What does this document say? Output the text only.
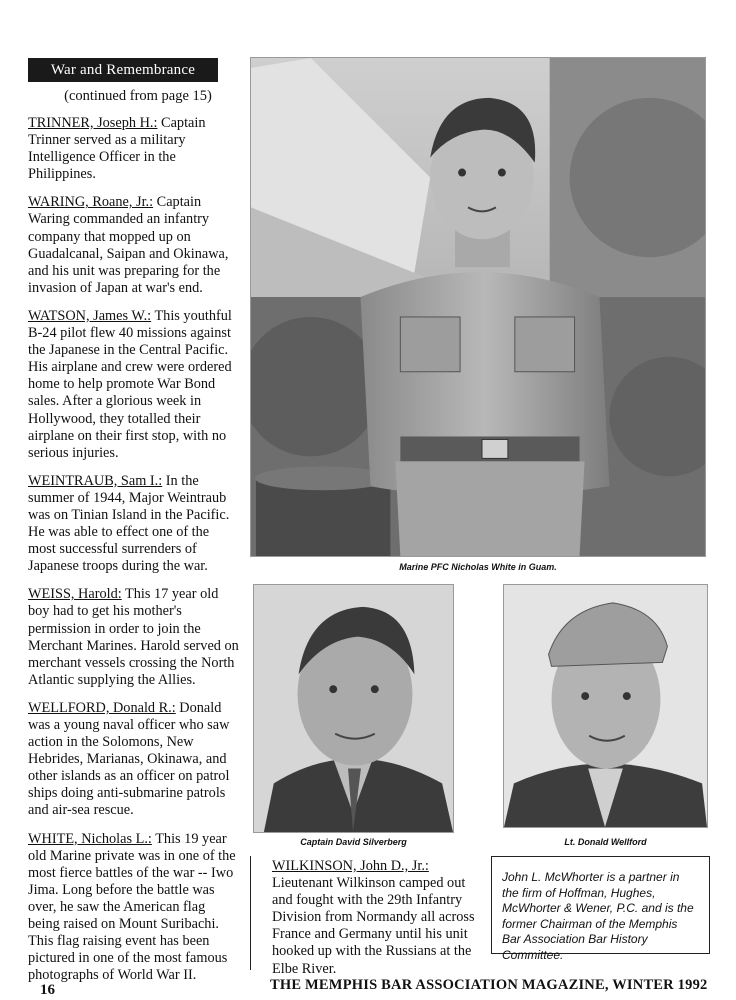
War and Remembrance
(continued from page 15)

TRINNER, Joseph H.: Captain Trinner served as a military Intelligence Officer in the Philippines.

WARING, Roane, Jr.: Captain Waring commanded an infantry company that mopped up on Guadalcanal, Saipan and Okinawa, and his unit was preparing for the invasion of Japan at war's end.

WATSON, James W.: This youthful B-24 pilot flew 40 missions against the Japanese in the Central Pacific. His airplane and crew were ordered home to help promote War Bond sales. After a glorious week in Hollywood, they totalled their airplane on their first stop, with no serious injuries.

WEINTRAUB, Sam I.: In the summer of 1944, Major Weintraub was on Tinian Island in the Pacific. He was able to effect one of the most successful surrenders of Japanese troops during the war.

WEISS, Harold: This 17 year old boy had to get his mother's permission in order to join the Merchant Marines. Harold served on merchant vessels crossing the North Atlantic supplying the Allies.

WELLFORD, Donald R.: Donald was a young naval officer who saw action in the Solomons, New Hebrides, Marianas, Okinawa, and other islands as an officer on patrol ships doing anti-submarine patrols and air-sea rescue.

WHITE, Nicholas L.: This 19 year old Marine private was in one of the most fierce battles of the war -- Iwo Jima. Long before the battle was over, he saw the American flag being raised on Mount Suribachi. This flag raising event has been pictured in one of the most famous photographs of World War II.

Marine PFC Nicholas White in Guam.
Captain David Silverberg	Lt. Donald Wellford

WILKINSON, John D., Jr.:
Lieutenant Wilkinson camped out and fought with the 29th Infantry Division from Normandy all across France and Germany until his unit hooked up with the Russians at the Elbe River.

John L. McWhorter is a partner in the firm of Hoffman, Hughes, McWhorter & Wener, P.C. and is the former Chairman of the Memphis Bar Association Bar History Committee.
16	THE MEMPHIS BAR ASSOCIATION MAGAZINE, WINTER 1992
